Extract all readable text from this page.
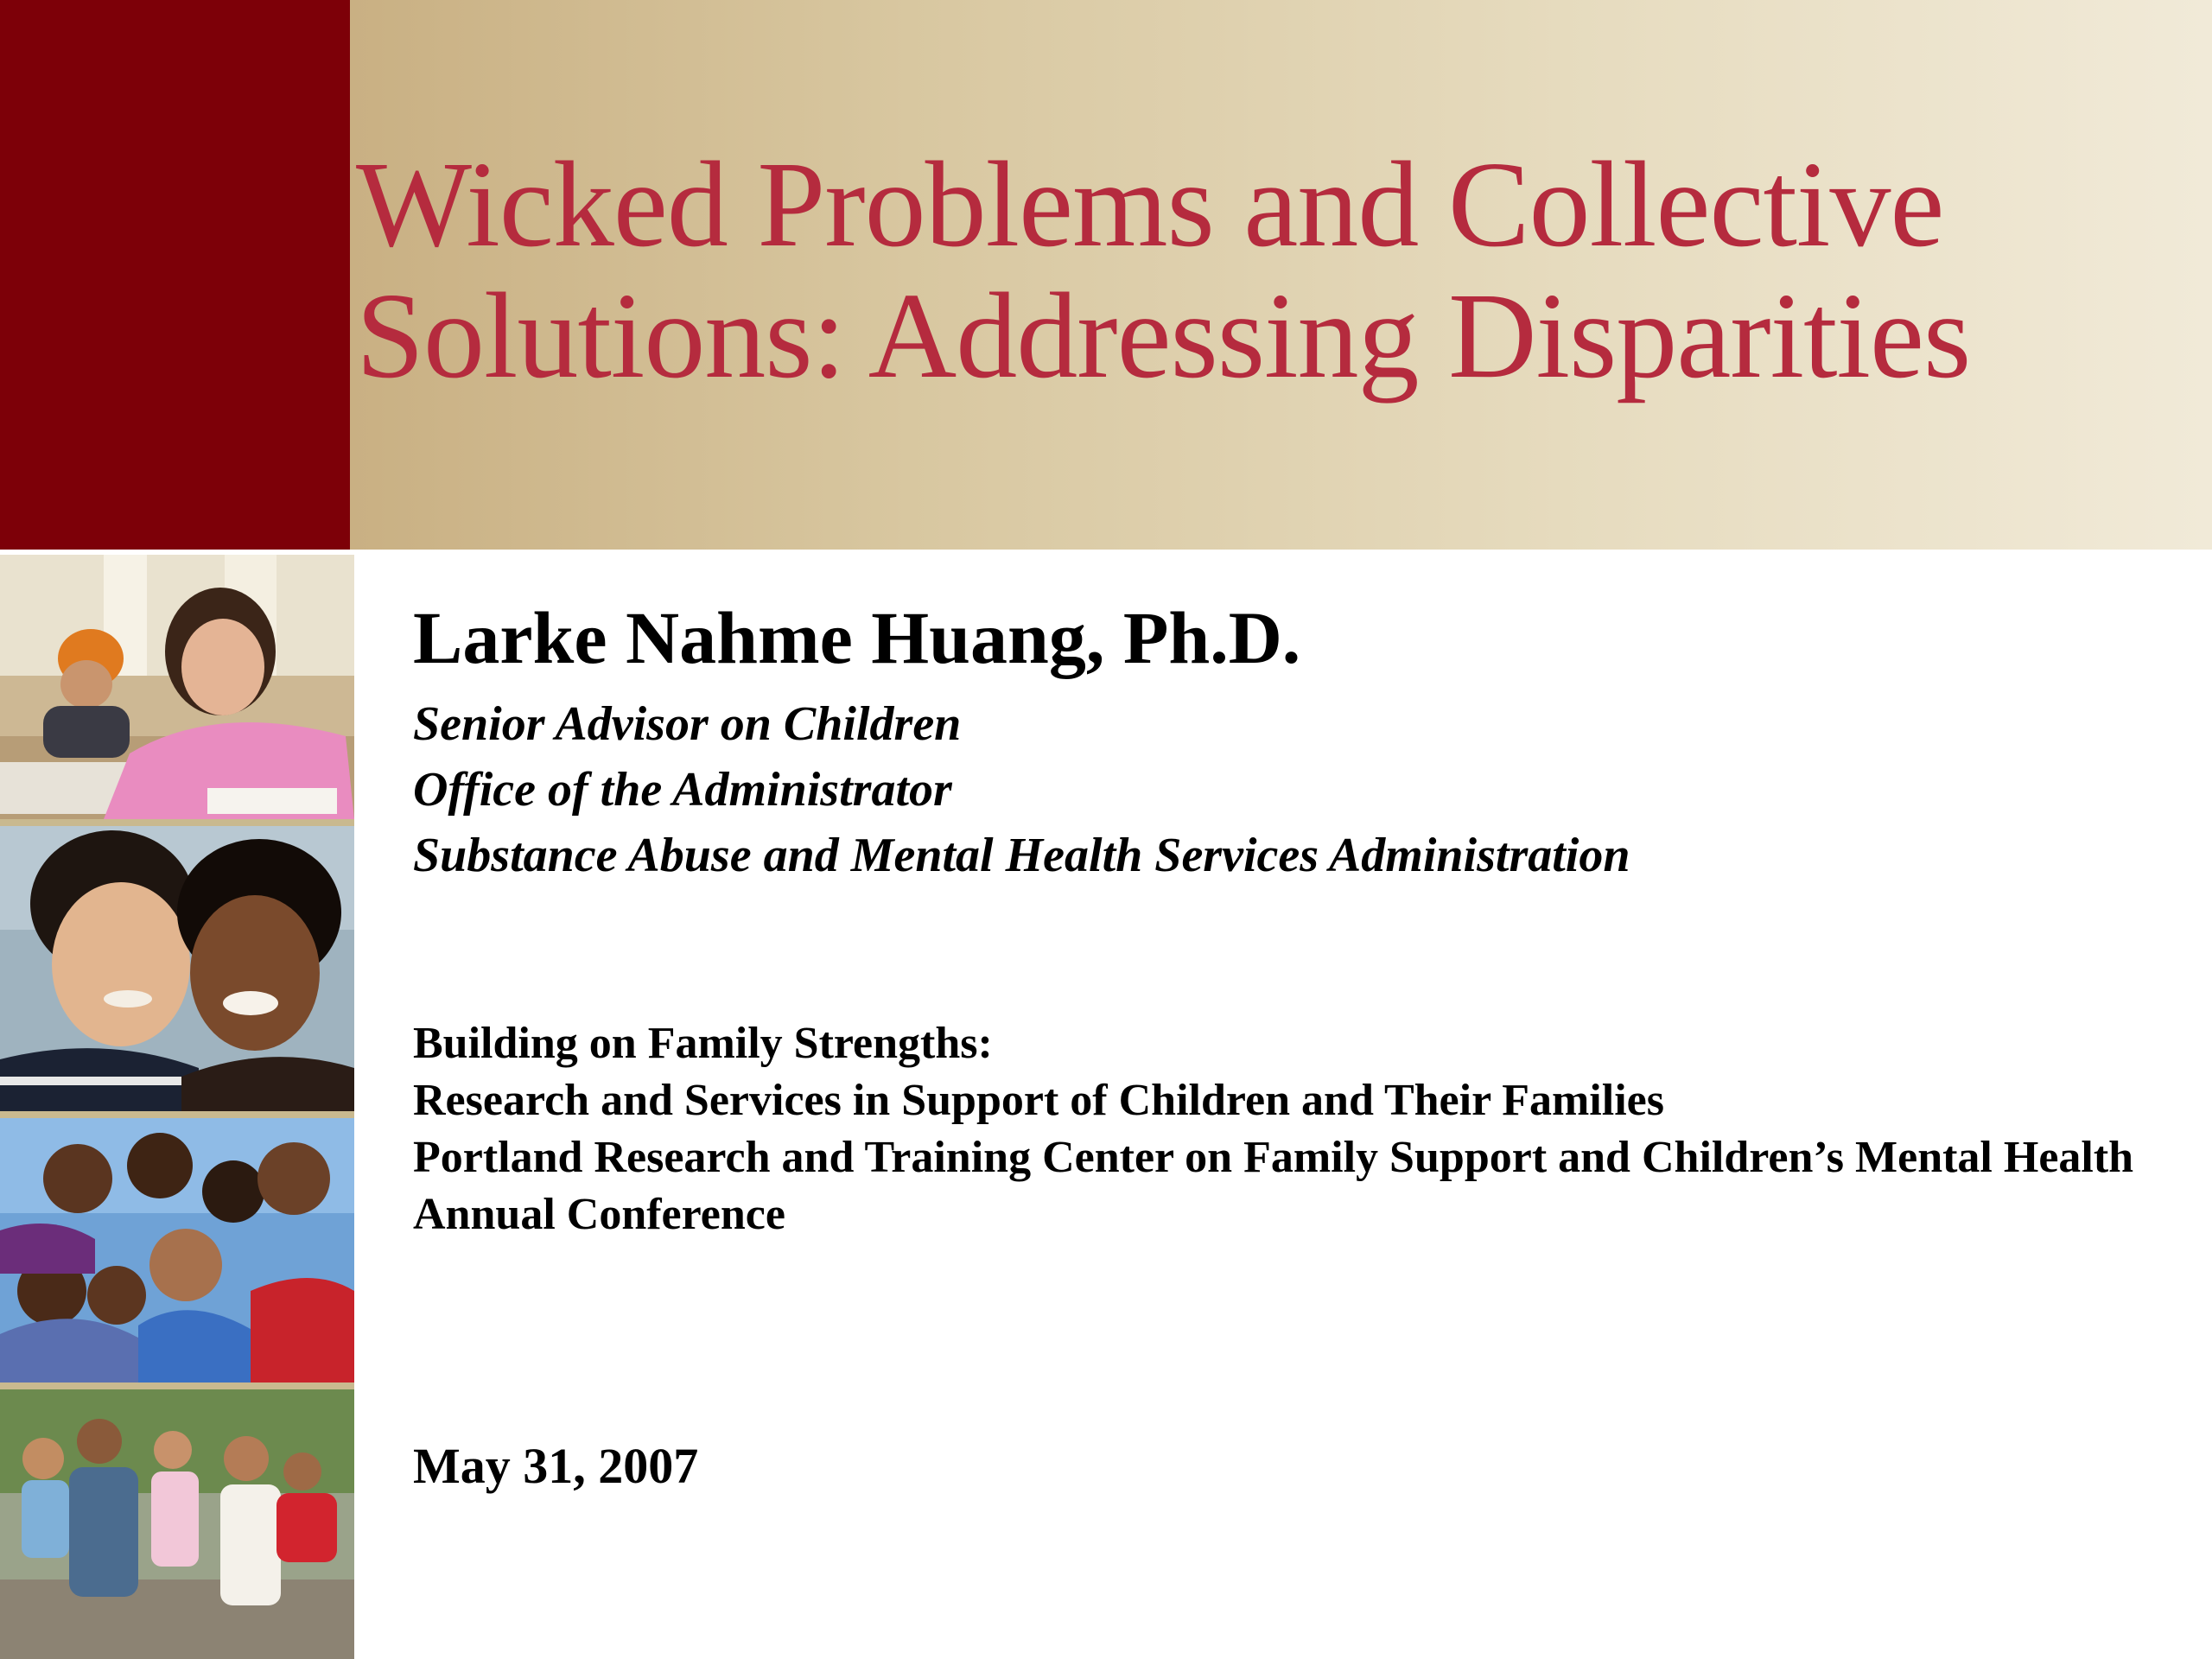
Wicked Problems and Collective
Solutions: Addressing Disparities
Larke Nahme Huang, Ph.D.
Senior Advisor on Children
Office of the Administrator
Substance Abuse and Mental Health Services Administration
Building on Family Strengths:
Research and Services in Support of Children and Their Families
Portland Research and Training Center on Family Support and Children’s Mental Health
Annual Conference

May 31, 2007
